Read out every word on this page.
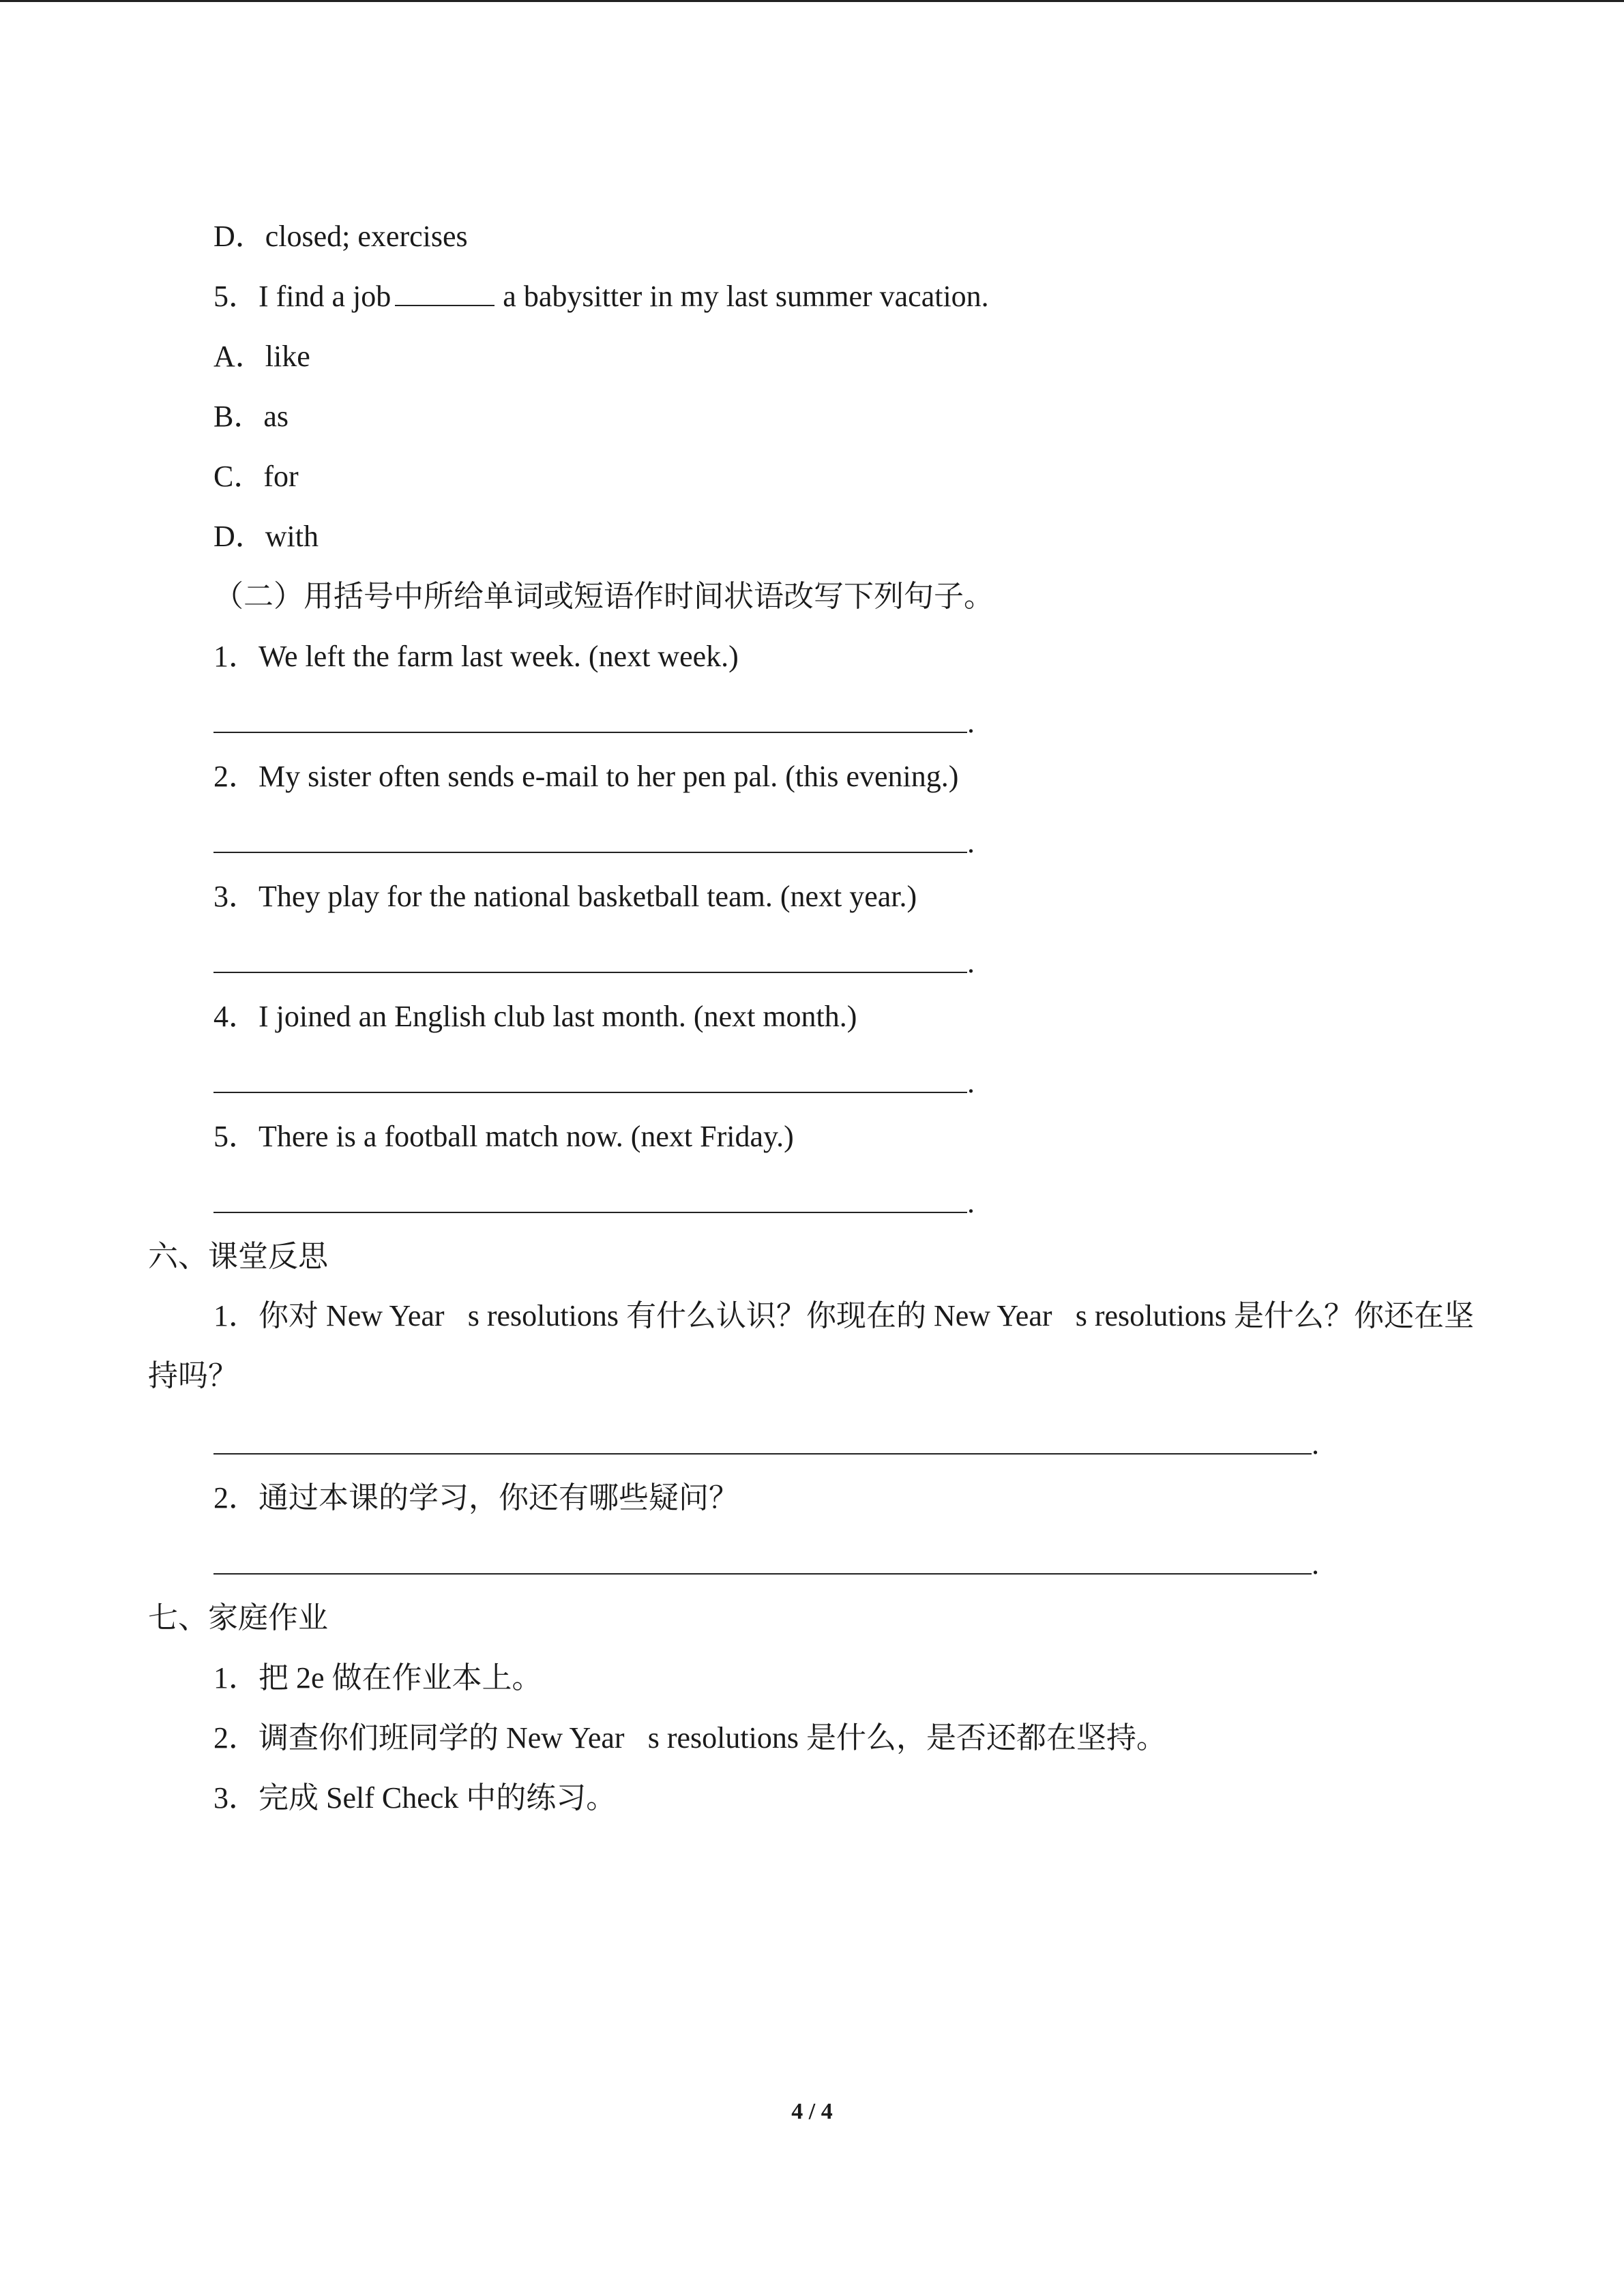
D．closed; exercises
5．I find a job	a babysitter in my last summer vacation.
A．like
B．as
C．for
D．with
（二）用括号中所给单词或短语作时间状语改写下列句子。
1．We left the farm last week. (next week.)
.
2．My sister often sends e-mail to her pen pal. (this evening.)
.
3．They play for the national basketball team. (next year.)
.
4．I joined an English club last month. (next month.)
.
5．There is a football match now. (next Friday.)
.
六、课堂反思
1．你对 New Year s resolutions 有什么认识？你现在的 New Year s resolutions 是什么？你还在坚持吗？
.
2．通过本课的学习，你还有哪些疑问？
.
七、家庭作业
1．把 2e 做在作业本上。
2．调查你们班同学的 New Year s resolutions 是什么，是否还都在坚持。
3．完成 Self Check 中的练习。
4 / 4
